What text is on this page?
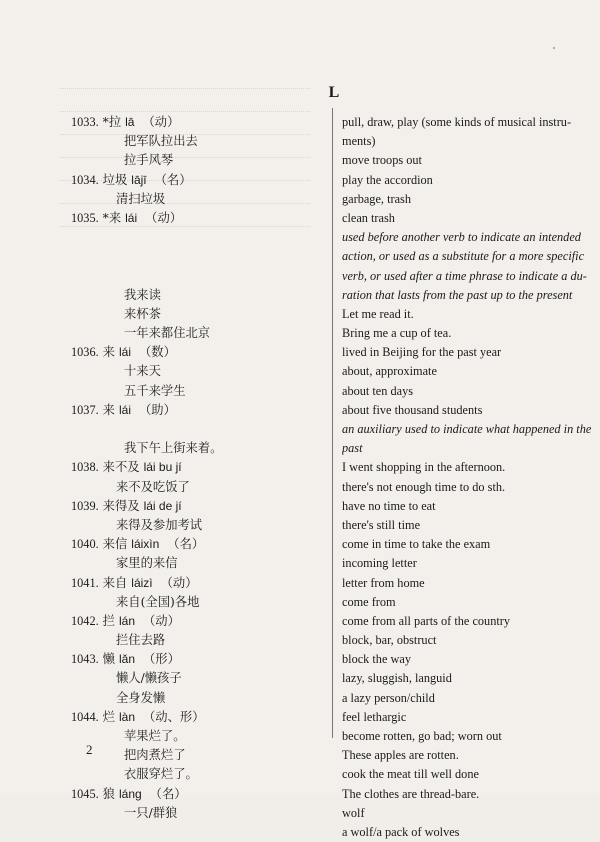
L
1033. *拉 lā （动）
把军队拉出去
拉手风琴
1034. 垃圾 lājī （名）
清扫垃圾
1035. *来 lái （动）
我来读
来杯茶
一年来都住北京
1036. 来 lái （数）
十来天
五千来学生
1037. 来 lái （助）
我下午上街来着。
1038. 来不及 lái bu jí
来不及吃饭了
1039. 来得及 lái de jí
来得及参加考试
1040. 来信 láixìn （名）
家里的来信
1041. 来自 láizì （动）
来自(全国)各地
1042. 拦 lán （动）
拦住去路
1043. 懒 lǎn （形）
懒人/懒孩子
全身发懒
1044. 烂 làn （动、形）
苹果烂了。
把肉煮烂了
衣服穿烂了。
1045. 狼 láng （名）
一只/群狼
pull, draw, play (some kinds of musical instru-
ments)
move troops out
play the accordion
garbage, trash
clean trash
used before another verb to indicate an intended
action, or used as a substitute for a more specific
verb, or used after a time phrase to indicate a du-
ration that lasts from the past up to the present
Let me read it.
Bring me a cup of tea.
lived in Beijing for the past year
about, approximate
about ten days
about five thousand students
an auxiliary used to indicate what happened in the
past
I went shopping in the afternoon.
there's not enough time to do sth.
have no time to eat
there's still time
come in time to take the exam
incoming letter
letter from home
come from
come from all parts of the country
block, bar, obstruct
block the way
lazy, sluggish, languid
a lazy person/child
feel lethargic
become rotten, go bad; worn out
These apples are rotten.
cook the meat till well done
The clothes are thread-bare.
wolf
a wolf/a pack of wolves
2
